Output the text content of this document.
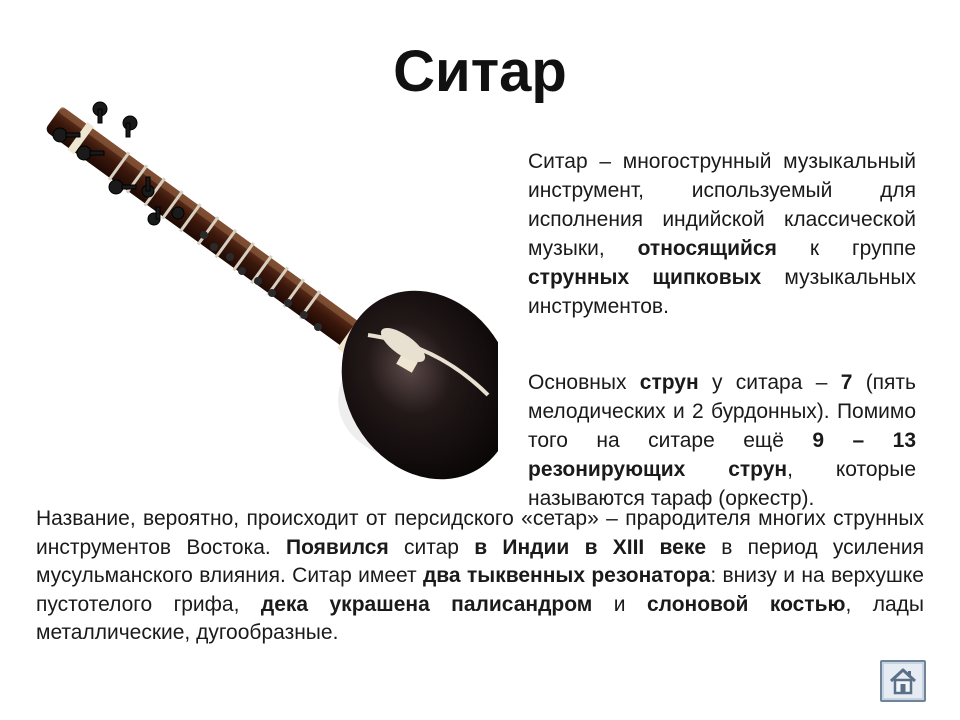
Ситар
Ситар – многострунный музыкальный инструмент, используемый для исполнения индийской классической музыки, относящийся к группе струнных щипковых музыкальных инструментов.
Основных струн у ситара – 7 (пять мелодических и 2 бурдонных). Помимо того на ситаре ещё 9 – 13 резонирующих струн, которые называются тараф (оркестр).
Название, вероятно, происходит от персидского «сетар» – прародителя многих струнных инструментов Востока. Появился ситар в Индии в XIII веке в период усиления мусульманского влияния. Ситар имеет два тыквенных резонатора: внизу и на верхушке пустотелого грифа, дека украшена палисандром и слоновой костью, лады металлические, дугообразные.
